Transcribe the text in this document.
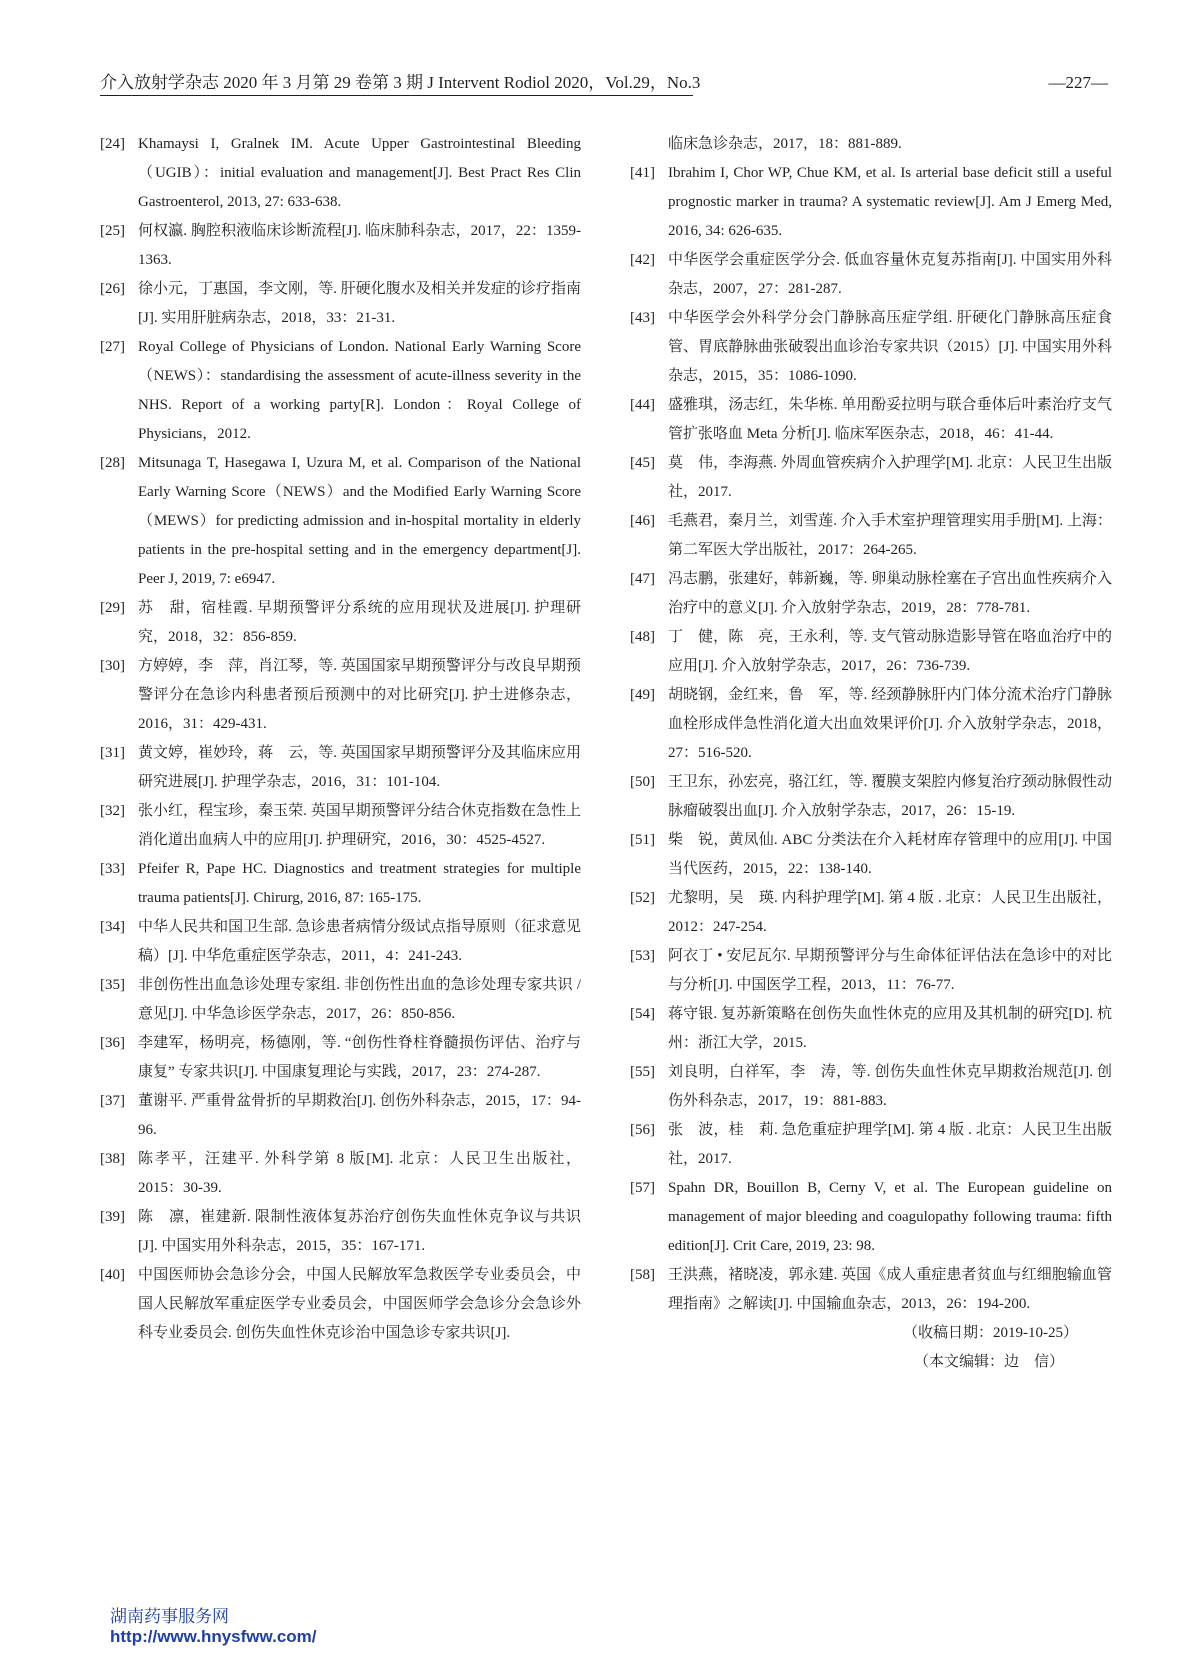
介入放射学杂志 2020 年 3 月第 29 卷第 3 期 J Intervent Rodiol 2020，Vol.29，No.3	—227—

[24] Khamaysi I, Gralnek IM. Acute Upper Gastrointestinal Bleeding（UGIB）：initial evaluation and management[J]. Best Pract Res Clin Gastroenterol, 2013, 27: 633-638.

[25] 何权瀛. 胸腔积液临床诊断流程[J]. 临床肺科杂志，2017，22：1359-1363.

[26] 徐小元，丁惠国，李文刚，等. 肝硬化腹水及相关并发症的诊疗指南[J]. 实用肝脏病杂志，2018，33：21-31.

[27] Royal College of Physicians of London. National Early Warning Score（NEWS）：standardising the assessment of acute-illness severity in the NHS. Report of a working party[R]. London：Royal College of Physicians，2012.

[28] Mitsunaga T, Hasegawa I, Uzura M, et al. Comparison of the National Early Warning Score（NEWS）and the Modified Early Warning Score（MEWS）for predicting admission and in-hospital mortality in elderly patients in the pre-hospital setting and in the emergency department[J]. Peer J, 2019, 7: e6947.

[29] 苏　甜，宿桂霞. 早期预警评分系统的应用现状及进展[J]. 护理研究，2018，32：856-859.

[30] 方婷婷，李　萍，肖江琴，等. 英国国家早期预警评分与改良早期预警评分在急诊内科患者预后预测中的对比研究[J]. 护士进修杂志，2016，31：429-431.

[31] 黄文婷，崔妙玲，蒋　云，等. 英国国家早期预警评分及其临床应用研究进展[J]. 护理学杂志，2016，31：101-104.

[32] 张小红，程宝珍，秦玉荣. 英国早期预警评分结合休克指数在急性上消化道出血病人中的应用[J]. 护理研究，2016，30：4525-4527.

[33] Pfeifer R, Pape HC. Diagnostics and treatment strategies for multiple trauma patients[J]. Chirurg, 2016, 87: 165-175.

[34] 中华人民共和国卫生部. 急诊患者病情分级试点指导原则（征求意见稿）[J]. 中华危重症医学杂志，2011，4：241-243.

[35] 非创伤性出血急诊处理专家组. 非创伤性出血的急诊处理专家共识 / 意见[J]. 中华急诊医学杂志，2017，26：850-856.

[36] 李建军，杨明亮，杨德刚，等. “创伤性脊柱脊髓损伤评估、治疗与康复” 专家共识[J]. 中国康复理论与实践，2017，23：274-287.

[37] 董谢平. 严重骨盆骨折的早期救治[J]. 创伤外科杂志，2015，17：94-96.

[38] 陈孝平，汪建平. 外科学第 8 版[M]. 北京：人民卫生出版社，2015：30-39.

[39] 陈　凛，崔建新. 限制性液体复苏治疗创伤失血性休克争议与共识 [J]. 中国实用外科杂志，2015，35：167-171.

[40] 中国医师协会急诊分会，中国人民解放军急救医学专业委员会，中国人民解放军重症医学专业委员会，中国医师学会急诊分会急诊外科专业委员会. 创伤失血性休克诊治中国急诊专家共识[J].

临床急诊杂志，2017，18：881-889.

[41] Ibrahim I, Chor WP, Chue KM, et al. Is arterial base deficit still a useful prognostic marker in trauma? A systematic review[J]. Am J Emerg Med, 2016, 34: 626-635.

[42] 中华医学会重症医学分会. 低血容量休克复苏指南[J]. 中国实用外科杂志，2007，27：281-287.

[43] 中华医学会外科学分会门静脉高压症学组. 肝硬化门静脉高压症食管、胃底静脉曲张破裂出血诊治专家共识（2015）[J]. 中国实用外科杂志，2015，35：1086-1090.

[44] 盛雅琪，汤志红，朱华栋. 单用酚妥拉明与联合垂体后叶素治疗支气管扩张咯血 Meta 分析[J]. 临床军医杂志，2018，46：41-44.

[45] 莫　伟，李海燕. 外周血管疾病介入护理学[M]. 北京：人民卫生出版社，2017.

[46] 毛燕君，秦月兰，刘雪莲. 介入手术室护理管理实用手册[M]. 上海：第二军医大学出版社，2017：264-265.

[47] 冯志鹏，张建好，韩新巍，等. 卵巢动脉栓塞在子宫出血性疾病介入治疗中的意义[J]. 介入放射学杂志，2019，28：778-781.

[48] 丁　健，陈　亮，王永利，等. 支气管动脉造影导管在咯血治疗中的应用[J]. 介入放射学杂志，2017，26：736-739.

[49] 胡晓钢，金红来，鲁　军，等. 经颈静脉肝内门体分流术治疗门静脉血栓形成伴急性消化道大出血效果评价[J]. 介入放射学杂志，2018，27：516-520.

[50] 王卫东，孙宏亮，骆江红，等. 覆膜支架腔内修复治疗颈动脉假性动脉瘤破裂出血[J]. 介入放射学杂志，2017，26：15-19.

[51] 柴　锐，黄凤仙. ABC 分类法在介入耗材库存管理中的应用[J]. 中国当代医药，2015，22：138-140.

[52] 尤黎明，吴　瑛. 内科护理学[M]. 第 4 版 . 北京：人民卫生出版社，2012：247-254.

[53] 阿衣丁 • 安尼瓦尔. 早期预警评分与生命体征评估法在急诊中的对比与分析[J]. 中国医学工程，2013，11：76-77.

[54] 蒋守银. 复苏新策略在创伤失血性休克的应用及其机制的研究[D]. 杭州：浙江大学，2015.

[55] 刘良明，白祥军，李　涛，等. 创伤失血性休克早期救治规范[J]. 创伤外科杂志，2017，19：881-883.

[56] 张　波，桂　莉. 急危重症护理学[M]. 第 4 版 . 北京：人民卫生出版社，2017.

[57] Spahn DR, Bouillon B, Cerny V, et al. The European guideline on management of major bleeding and coagulopathy following trauma: fifth edition[J]. Crit Care, 2019, 23: 98.

[58] 王洪燕，褚晓凌，郭永建. 英国《成人重症患者贫血与红细胞输血管理指南》之解读[J]. 中国输血杂志，2013，26：194-200.

（收稿日期：2019-10-25）
（本文编辑：边　信）
湖南药事服务网
http://www.hnysfww.com/
